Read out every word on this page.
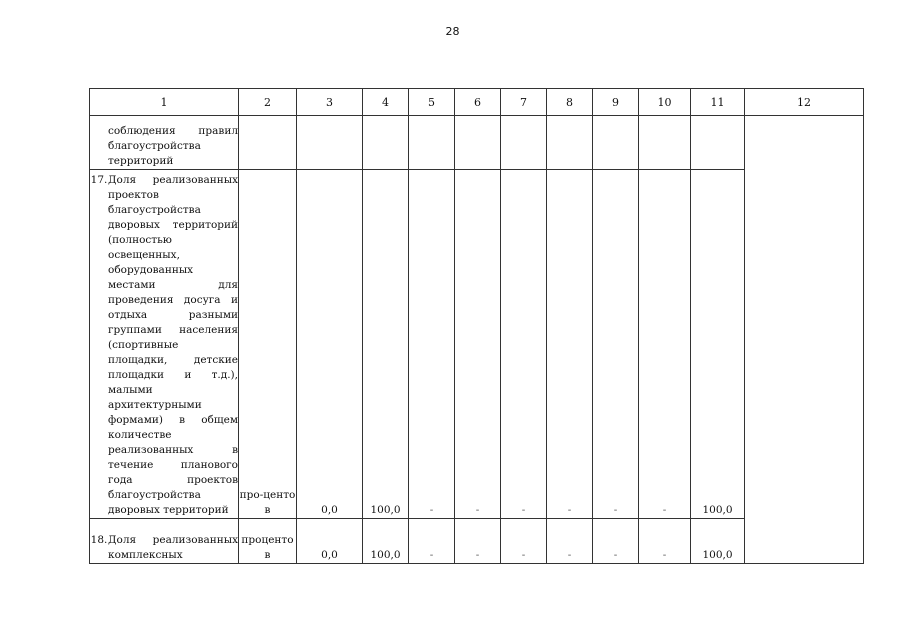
28
1	2	3	4	5	6	7	8	9	10	11	12

соблюдения правил благоустройства территорий											

17. Доля реализованных проектов благоустройства дворовых территорий (полностью освещенных, оборудованных местами для проведения досуга и отдыха разными группами населения (спортивные площадки, детские площадки и т.д.), малыми архитектурными формами) в общем количестве реализованных в течение планового года проектов благоустройства дворовых территорий	про-центов	0,0	100,0	-	-	-	-	-	-	100,0	

18. Доля реализованных комплексных	процентов	0,0	100,0	-	-	-	-	-	-	100,0	
